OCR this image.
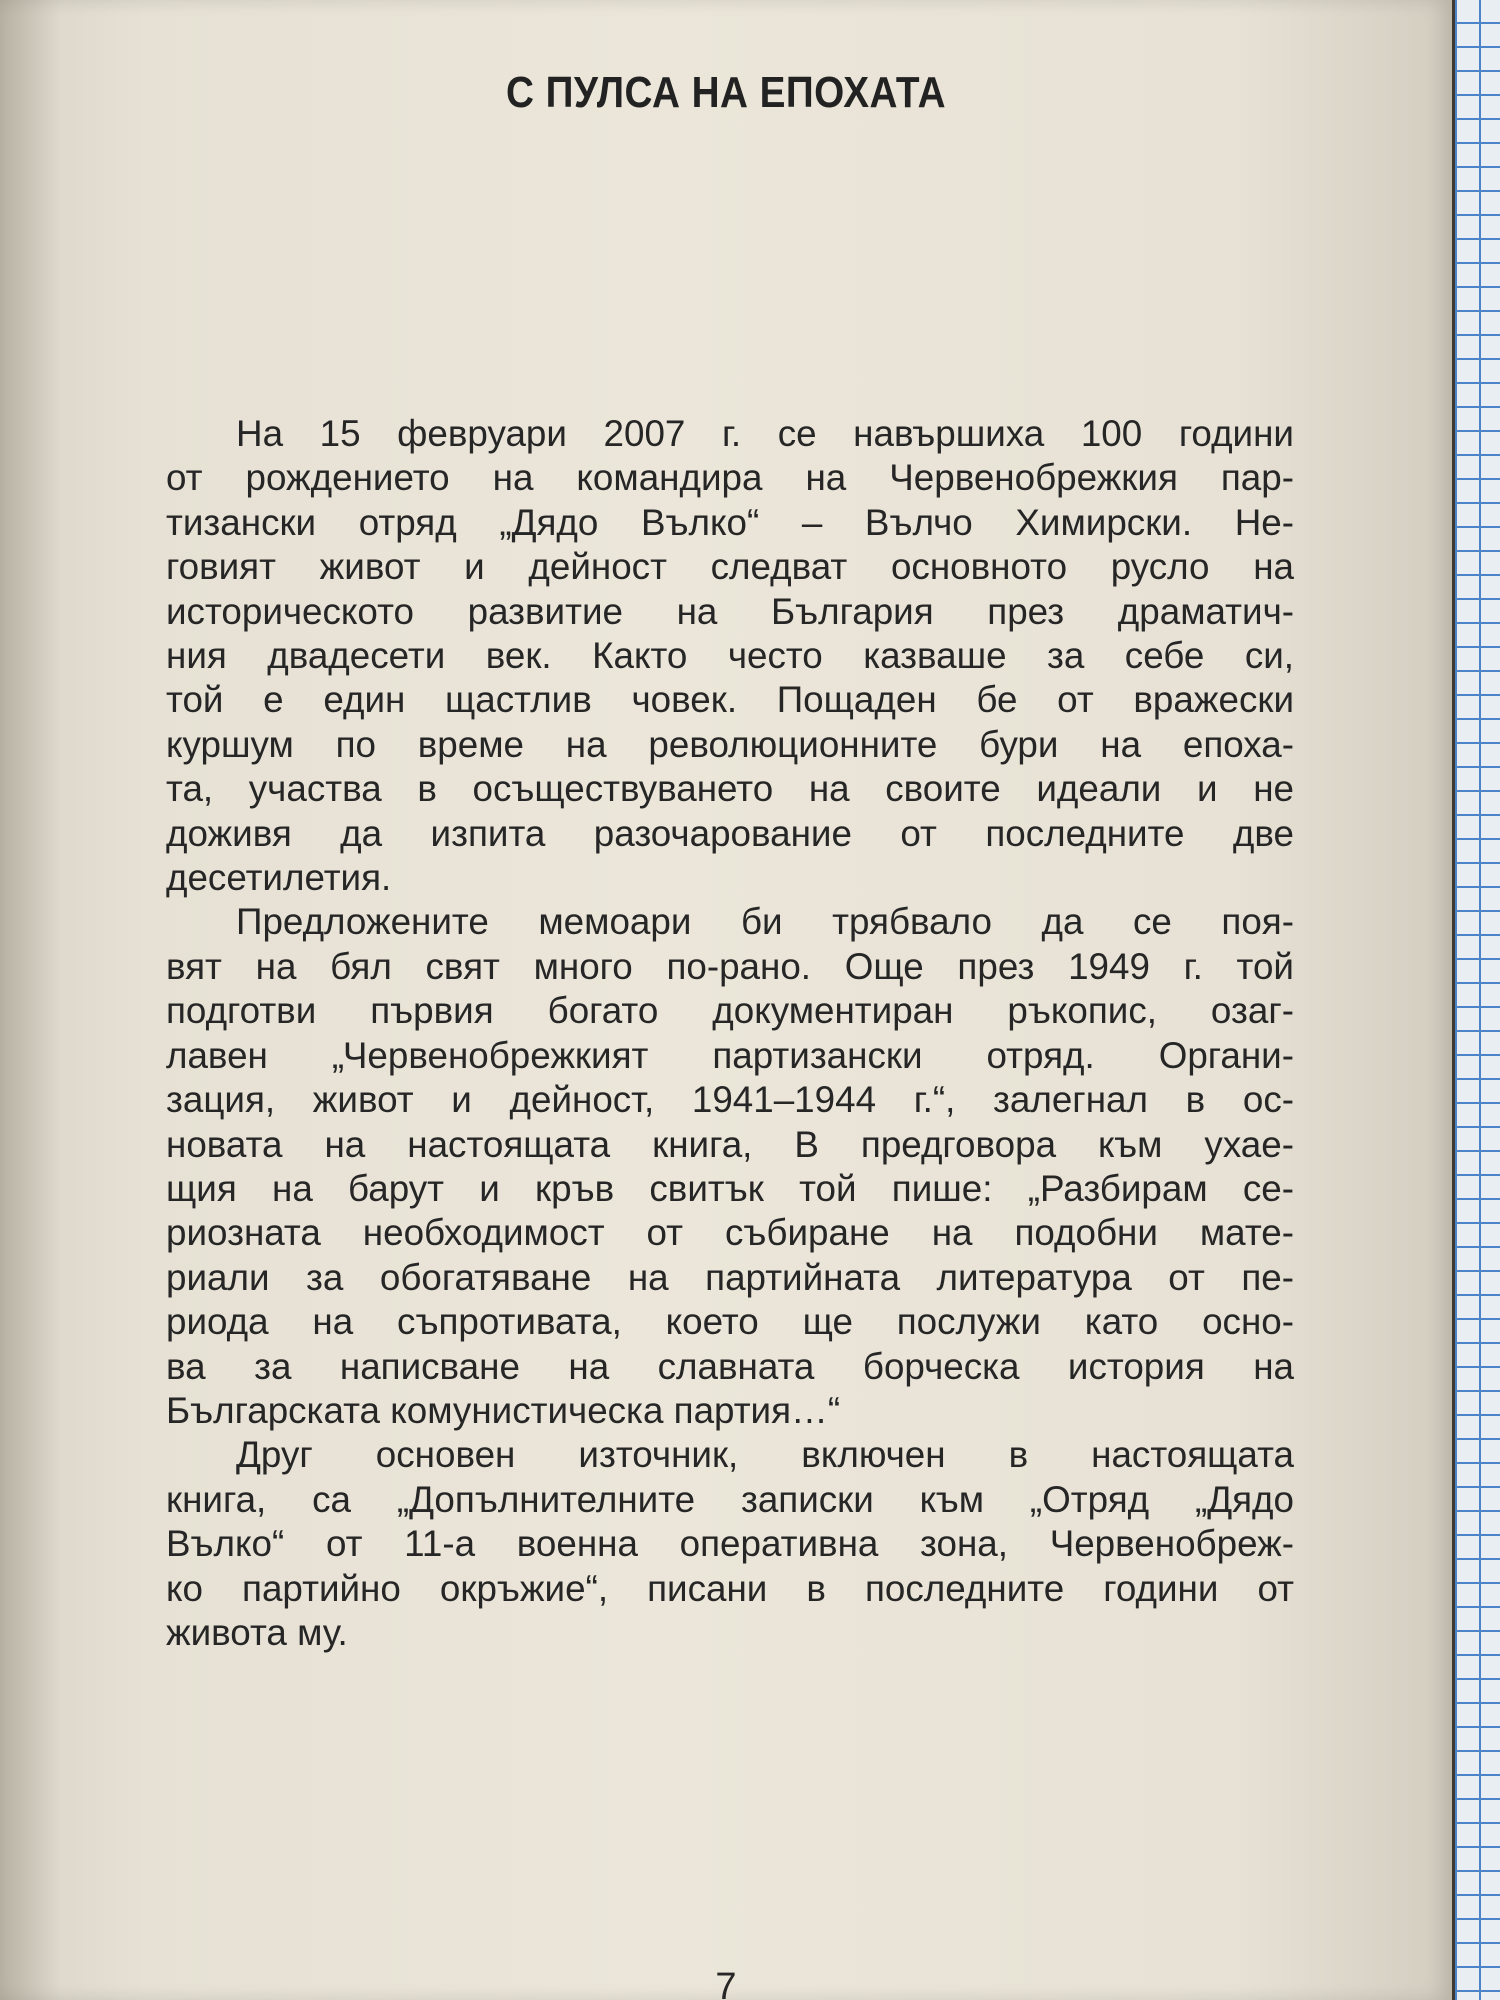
С ПУЛСА НА ЕПОХАТА
На 15 февруари 2007 г. се навършиха 100 години
от рождението на командира на Червенобрежкия пар-
тизански отряд „Дядо Вълко“ – Вълчо Химирски. Не-
говият живот и дейност следват основното русло на
историческото развитие на България през драматич-
ния двадесети век. Както често казваше за себе си,
той е един щастлив човек. Пощаден бе от вражески
куршум по време на революционните бури на епоха-
та, участва в осъществуването на своите идеали и не
доживя да изпита разочарование от последните две
десетилетия.
Предложените мемоари би трябвало да се поя-
вят на бял свят много по-рано. Още през 1949 г. той
подготви първия богато документиран ръкопис, озаг-
лавен „Червенобрежкият партизански отряд. Органи-
зация, живот и дейност, 1941–1944 г.“, залегнал в ос-
новата на настоящата книга, В предговора към ухае-
щия на барут и кръв свитък той пише: „Разбирам се-
риозната необходимост от събиране на подобни мате-
риали за обогатяване на партийната литература от пе-
риода на съпротивата, което ще послужи като осно-
ва за написване на славната борческа история на
Българската комунистическа партия…“
Друг основен източник, включен в настоящата
книга, са „Допълнителните записки към „Отряд „Дядо
Вълко“ от 11-а военна оперативна зона, Червенобреж-
ко партийно окръжие“, писани в последните години от
живота му.
7
